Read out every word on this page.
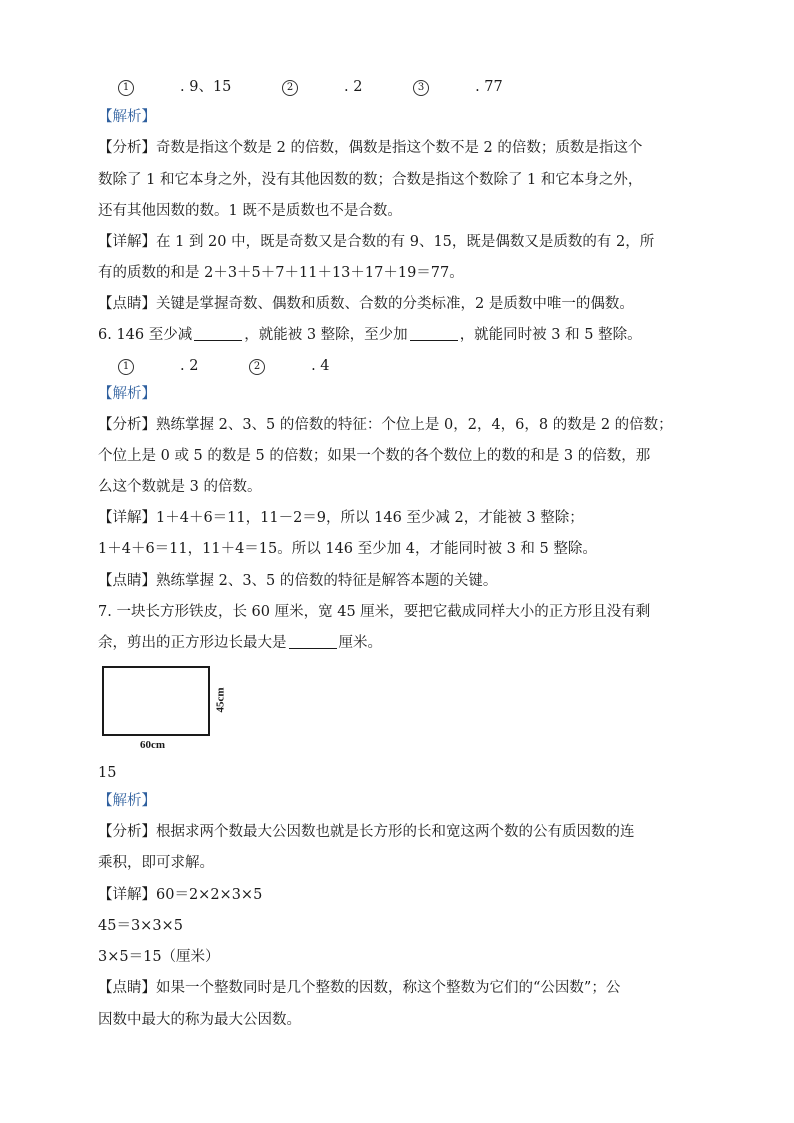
1	. 9、15	2	. 2	3	. 77
【解析】
【分析】奇数是指这个数是 2 的倍数，偶数是指这个数不是 2 的倍数；质数是指这个
数除了 1 和它本身之外，没有其他因数的数；合数是指这个数除了 1 和它本身之外，
还有其他因数的数。1 既不是质数也不是合数。
【详解】在 1 到 20 中，既是奇数又是合数的有 9、15，既是偶数又是质数的有 2，所
有的质数的和是 2＋3＋5＋7＋11＋13＋17＋19＝77。
【点睛】关键是掌握奇数、偶数和质数、合数的分类标准，2 是质数中唯一的偶数。
6. 146 至少减	，就能被 3 整除，至少加	，就能同时被 3 和 5 整除。
1	. 2	2	. 4
【解析】
【分析】熟练掌握 2、3、5 的倍数的特征：个位上是 0，2，4，6，8 的数是 2 的倍数；
个位上是 0 或 5 的数是 5 的倍数；如果一个数的各个数位上的数的和是 3 的倍数，那
么这个数就是 3 的倍数。
【详解】1＋4＋6＝11，11－2＝9，所以 146 至少减 2，才能被 3 整除；
1＋4＋6＝11，11＋4＝15。所以 146 至少加 4，才能同时被 3 和 5 整除。
【点睛】熟练掌握 2、3、5 的倍数的特征是解答本题的关键。
7. 一块长方形铁皮，长 60 厘米，宽 45 厘米，要把它截成同样大小的正方形且没有剩
余，剪出的正方形边长最大是	厘米。
60cm
45cm
15
【解析】
【分析】根据求两个数最大公因数也就是长方形的长和宽这两个数的公有质因数的连
乘积，即可求解。
【详解】60＝2×2×3×5
45＝3×3×5
3×5＝15（厘米）
【点睛】如果一个整数同时是几个整数的因数，称这个整数为它们的“公因数”；公
因数中最大的称为最大公因数。
